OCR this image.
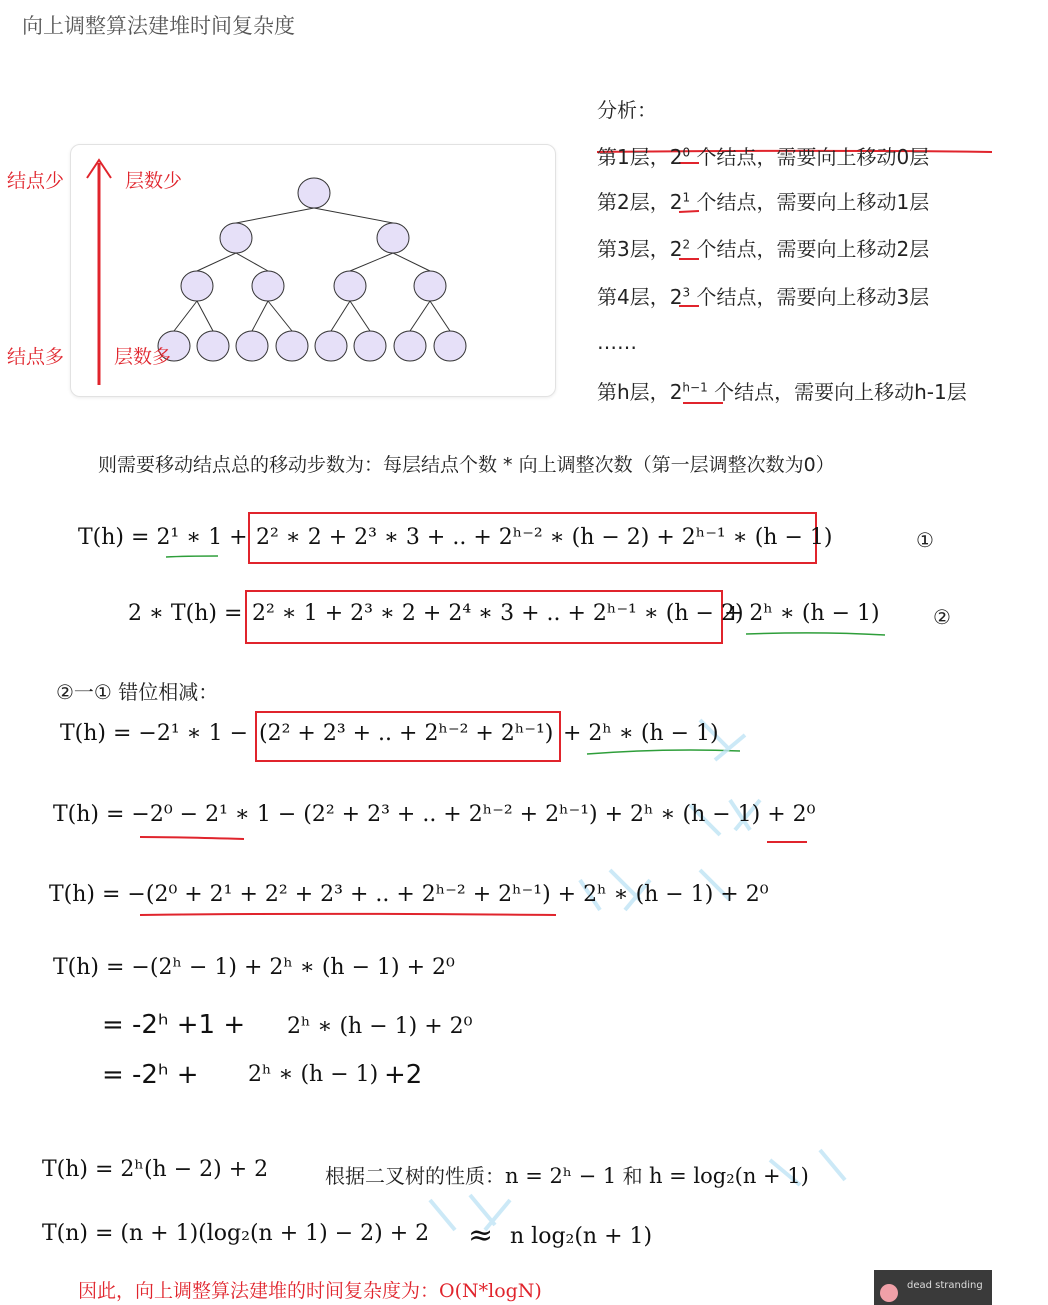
向上调整算法建堆时间复杂度
结点少	层数少
结点多	层数多
分析：
第1层，$2^0$ 个结点，需要向上移动0层
第2层，$2^1$ 个结点，需要向上移动1层
第3层，$2^2$ 个结点，需要向上移动2层
第4层，$2^3$ 个结点，需要向上移动3层
……
第h层，$2^{h-1}$ 个结点，需要向上移动h-1层
则需要移动结点总的移动步数为：每层结点个数 * 向上调整次数（第一层调整次数为0）
T(h) = 2¹ ∗ 1 + 2² ∗ 2 + 2³ ∗ 3 + .. + 2ʰ⁻² ∗ (h − 2) + 2ʰ⁻¹ ∗ (h − 1)	①
2 ∗ T(h) = 2² ∗ 1 + 2³ ∗ 2 + 2⁴ ∗ 3 + .. + 2ʰ⁻¹ ∗ (h − 2)
+ 2ʰ ∗ (h − 1)	②
②一① 错位相减：
T(h) = −2¹ ∗ 1 − (2² + 2³ + .. + 2ʰ⁻² + 2ʰ⁻¹) + 2ʰ ∗ (h − 1)
T(h) = −2⁰ − 2¹ ∗ 1 − (2² + 2³ + .. + 2ʰ⁻² + 2ʰ⁻¹) + 2ʰ ∗ (h − 1) + 2⁰
T(h) = −(2⁰ + 2¹ + 2² + 2³ + .. + 2ʰ⁻² + 2ʰ⁻¹) + 2ʰ ∗ (h − 1) + 2⁰
T(h) = −(2ʰ − 1) + 2ʰ ∗ (h − 1) + 2⁰
= -2ʰ +1 + 2ʰ ∗ (h − 1) + 2⁰
= -2ʰ + 2ʰ ∗ (h − 1) +2
T(h) = 2ʰ(h − 2) + 2	根据二叉树的性质：n = 2ʰ − 1 和 h = log₂(n + 1)
T(n) = (n + 1)(log₂(n + 1) − 2) + 2 ≈ n log₂(n + 1)
因此，向上调整算法建堆的时间复杂度为：O(N*logN)	dead stranding
